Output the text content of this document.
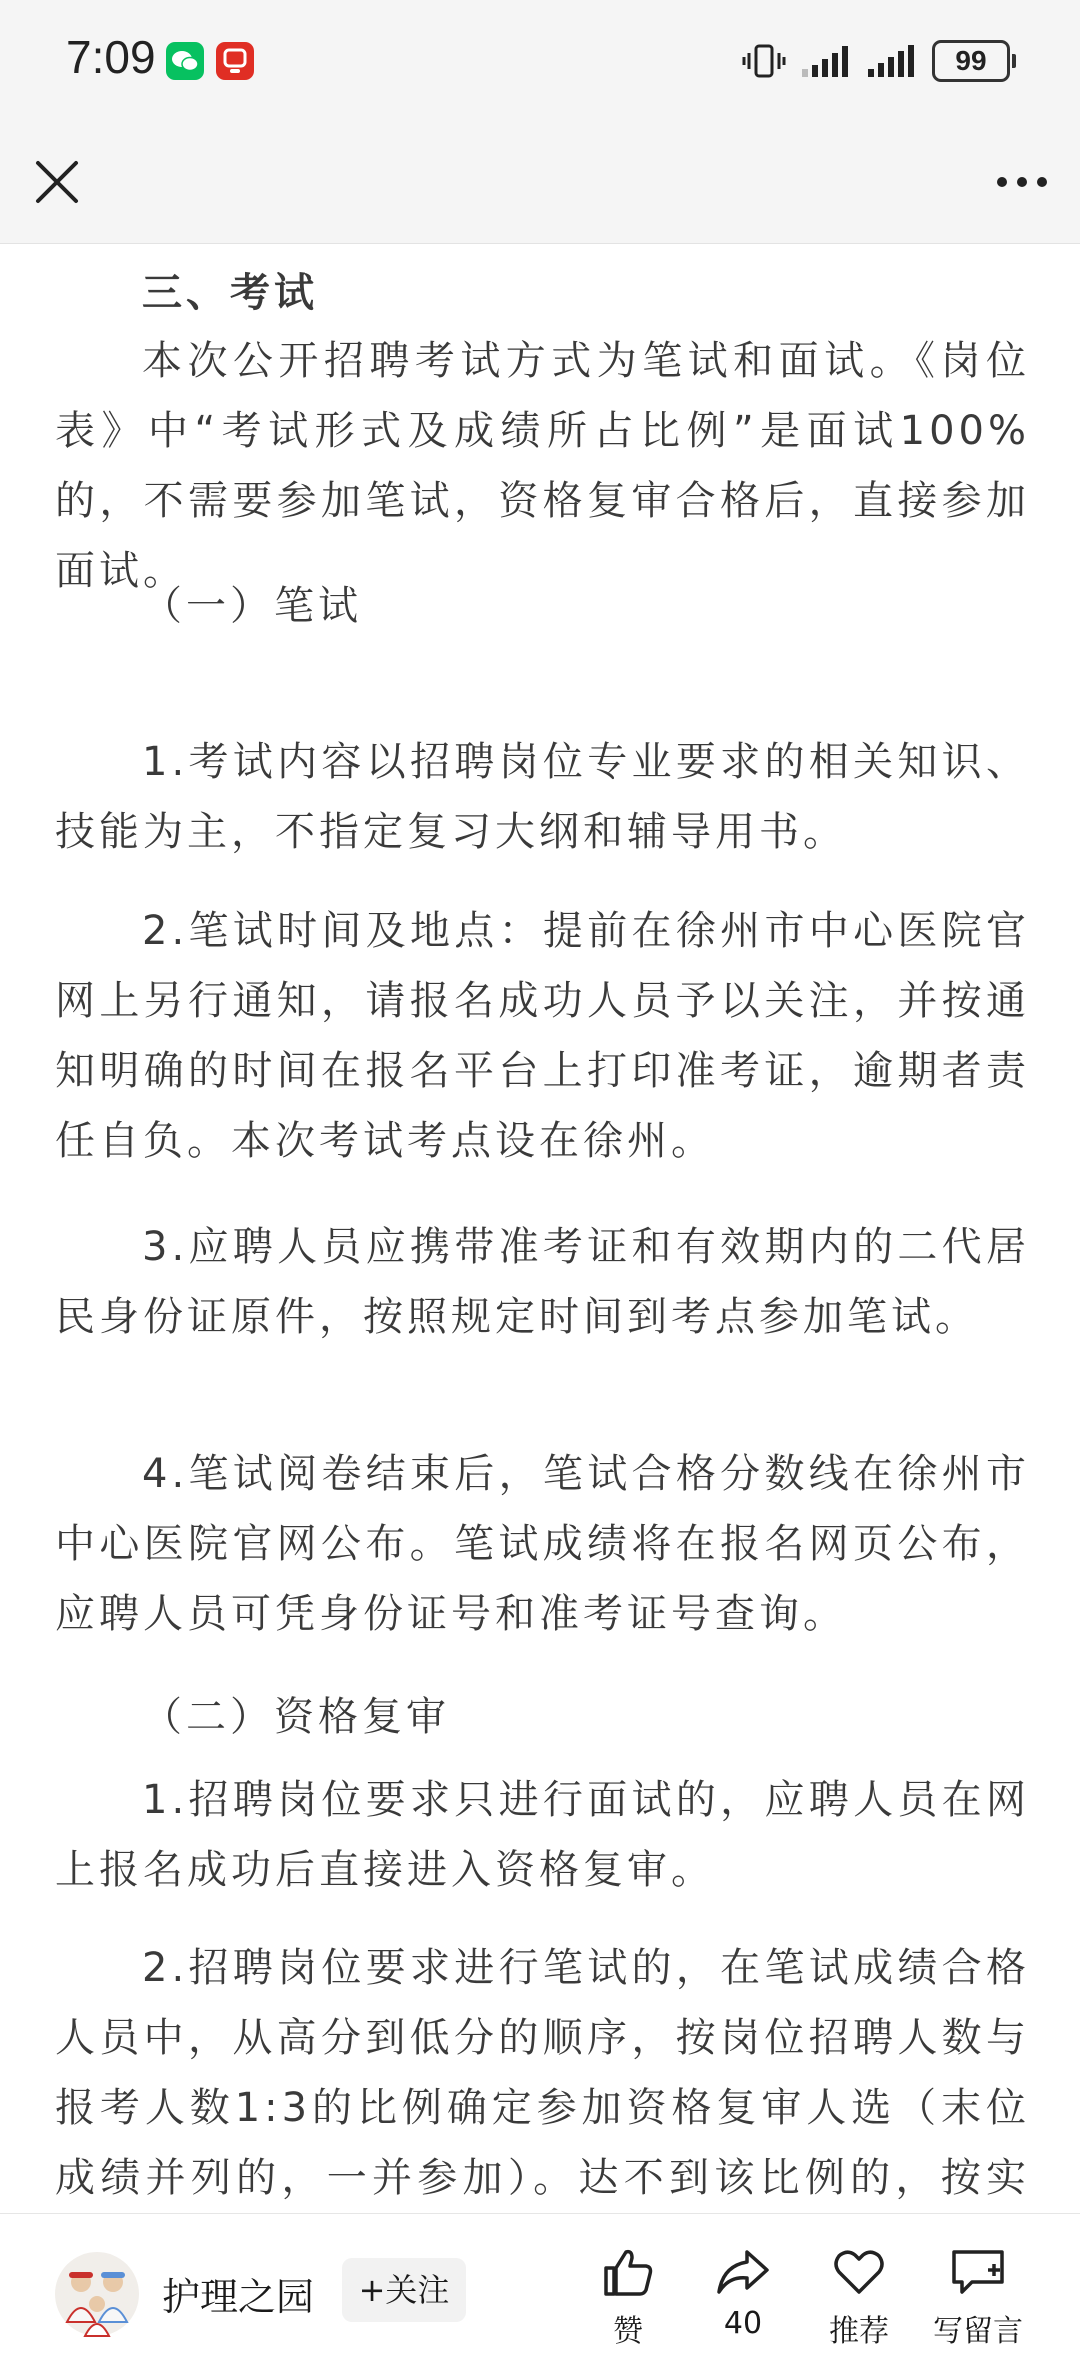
7:09	99

三、考试

本次公开招聘考试方式为笔试和面试。《岗位表》中“考试形式及成绩所占比例”是面试100%的，不需要参加笔试，资格复审合格后，直接参加面试。

（一）笔试

1.考试内容以招聘岗位专业要求的相关知识、技能为主，不指定复习大纲和辅导用书。

2.笔试时间及地点：提前在徐州市中心医院官网上另行通知，请报名成功人员予以关注，并按通知明确的时间在报名平台上打印准考证，逾期者责任自负。本次考试考点设在徐州。

3.应聘人员应携带准考证和有效期内的二代居民身份证原件，按照规定时间到考点参加笔试。

4.笔试阅卷结束后，笔试合格分数线在徐州市中心医院官网公布。笔试成绩将在报名网页公布，应聘人员可凭身份证号和准考证号查询。

（二）资格复审

1.招聘岗位要求只进行面试的，应聘人员在网上报名成功后直接进入资格复审。

2.招聘岗位要求进行笔试的，在笔试成绩合格人员中，从高分到低分的顺序，按岗位招聘人数与报考人数1:3的比例确定参加资格复审人选（末位成绩并列的，一并参加）。达不到该比例的，按实

护理之园	+关注
赞	40	推荐	写留言
